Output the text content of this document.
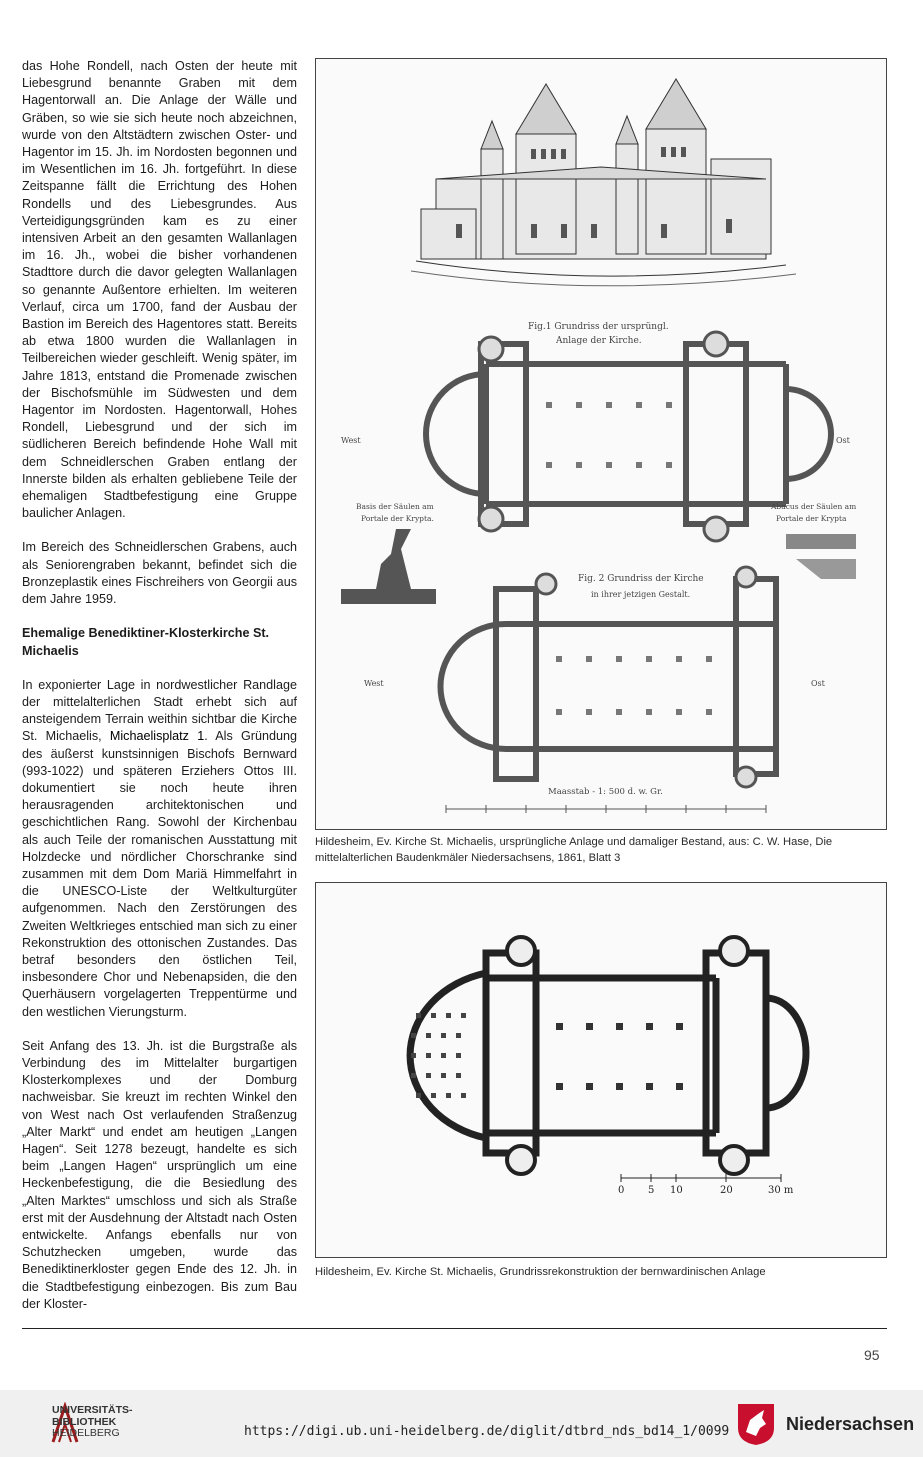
das Hohe Rondell, nach Osten der heute mit Liebesgrund benannte Graben mit dem Hagentorwall an. Die Anlage der Wälle und Gräben, so wie sie sich heute noch abzeichnen, wurde von den Altstädtern zwischen Oster- und Hagentor im 15. Jh. im Nordosten begonnen und im Wesentlichen im 16. Jh. fortgeführt. In diese Zeitspanne fällt die Errichtung des Hohen Rondells und des Liebesgrundes. Aus Verteidigungsgründen kam es zu einer intensiven Arbeit an den gesamten Wallanlagen im 16. Jh., wobei die bisher vorhandenen Stadttore durch die davor gelegten Wallanlagen so genannte Außentore erhielten. Im weiteren Verlauf, circa um 1700, fand der Ausbau der Bastion im Bereich des Hagentores statt. Bereits ab etwa 1800 wurden die Wallanlagen in Teilbereichen wieder geschleift. Wenig später, im Jahre 1813, entstand die Promenade zwischen der Bischofsmühle im Südwesten und dem Hagentor im Nordosten. Hagentorwall, Hohes Rondell, Liebesgrund und der sich im südlicheren Bereich befindende Hohe Wall mit dem Schneidlerschen Graben entlang der Innerste bilden als erhalten gebliebene Teile der ehemaligen Stadtbefestigung eine Gruppe baulicher Anlagen.

Im Bereich des Schneidlerschen Grabens, auch als Seniorengraben bekannt, befindet sich die Bronzeplastik eines Fischreihers von Georgii aus dem Jahre 1959.

Ehemalige Benediktiner-Klosterkirche St. Michaelis

In exponierter Lage in nordwestlicher Randlage der mittelalterlichen Stadt erhebt sich auf ansteigendem Terrain weithin sichtbar die Kirche St. Michaelis, Michaelisplatz 1. Als Gründung des äußerst kunstsinnigen Bischofs Bernward (993-1022) und späteren Erziehers Ottos III. dokumentiert sie noch heute ihren herausragenden architektonischen und geschichtlichen Rang. Sowohl der Kirchenbau als auch Teile der romanischen Ausstattung mit Holzdecke und nördlicher Chorschranke sind zusammen mit dem Dom Mariä Himmelfahrt in die UNESCO-Liste der Weltkulturgüter aufgenommen. Nach den Zerstörungen des Zweiten Weltkrieges entschied man sich zu einer Rekonstruktion des ottonischen Zustandes. Das betraf besonders den östlichen Teil, insbesondere Chor und Nebenapsiden, die den Querhäusern vorgelagerten Treppentürme und den westlichen Vierungsturm.

Seit Anfang des 13. Jh. ist die Burgstraße als Verbindung des im Mittelalter burgartigen Klosterkomplexes und der Domburg nachweisbar. Sie kreuzt im rechten Winkel den von West nach Ost verlaufenden Straßenzug „Alter Markt“ und endet am heutigen „Langen Hagen“. Seit 1278 bezeugt, handelte es sich beim „Langen Hagen“ ursprünglich um eine Heckenbefestigung, die die Besiedlung des „Alten Marktes“ umschloss und sich als Straße erst mit der Ausdehnung der Altstadt nach Osten entwickelte. Anfangs ebenfalls nur von Schutzhecken umgeben, wurde das Benediktinerkloster gegen Ende des 12. Jh. in die Stadtbefestigung einbezogen. Bis zum Bau der Kloster-

Fig.1 Grundriss der ursprüngl.
Anlage der Kirche.
West	Ost
Basis der Säulen am
Portale der Krypta.
Abacus der Säulen am
Portale der Krypta
Fig. 2 Grundriss der Kirche
in ihrer jetzigen Gestalt.
West	Ost
Maasstab - 1: 500 d. w. Gr.
Hildesheim, Ev. Kirche St. Michaelis, ursprüngliche Anlage und damaliger Bestand, aus: C. W. Hase, Die mittelalterlichen Baudenkmäler Niedersachsens, 1861, Blatt 3
0 5 10	20	30 m
Hildesheim, Ev. Kirche St. Michaelis, Grundrissrekonstruktion der bernwardinischen Anlage
95
UNIVERSITÄTS-
BIBLIOTHEK
HEIDELBERG	https://digi.ub.uni-heidelberg.de/diglit/dtbrd_nds_bd14_1/0099	Niedersachsen
